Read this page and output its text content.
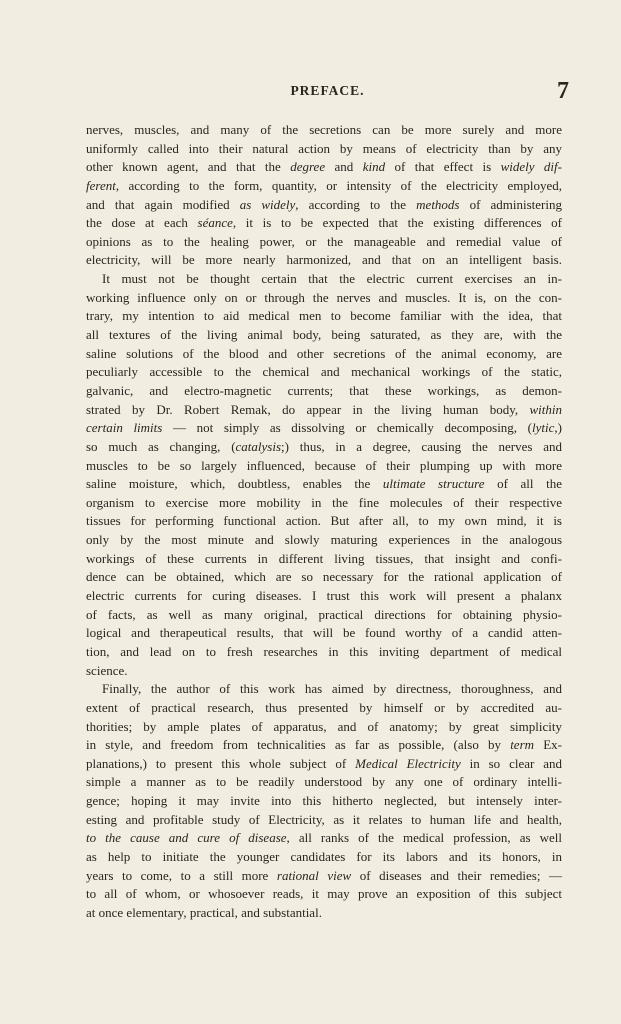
PREFACE.	7
nerves, muscles, and many of the secretions can be more surely and more
uniformly called into their natural action by means of electricity than by any
other known agent, and that the degree and kind of that effect is widely dif-
ferent, according to the form, quantity, or intensity of the electricity employed,
and that again modified as widely, according to the methods of administering
the dose at each séance, it is to be expected that the existing differences of
opinions as to the healing power, or the manageable and remedial value of
electricity, will be more nearly harmonized, and that on an intelligent basis.
It must not be thought certain that the electric current exercises an in-
working influence only on or through the nerves and muscles. It is, on the con-
trary, my intention to aid medical men to become familiar with the idea, that
all textures of the living animal body, being saturated, as they are, with the
saline solutions of the blood and other secretions of the animal economy, are
peculiarly accessible to the chemical and mechanical workings of the static,
galvanic, and electro-magnetic currents; that these workings, as demon-
strated by Dr. Robert Remak, do appear in the living human body, within
certain limits — not simply as dissolving or chemically decomposing, (lytic,)
so much as changing, (catalysis;) thus, in a degree, causing the nerves and
muscles to be so largely influenced, because of their plumping up with more
saline moisture, which, doubtless, enables the ultimate structure of all the
organism to exercise more mobility in the fine molecules of their respective
tissues for performing functional action. But after all, to my own mind, it is
only by the most minute and slowly maturing experiences in the analogous
workings of these currents in different living tissues, that insight and confi-
dence can be obtained, which are so necessary for the rational application of
electric currents for curing diseases. I trust this work will present a phalanx
of facts, as well as many original, practical directions for obtaining physio-
logical and therapeutical results, that will be found worthy of a candid atten-
tion, and lead on to fresh researches in this inviting department of medical
science.
Finally, the author of this work has aimed by directness, thoroughness, and
extent of practical research, thus presented by himself or by accredited au-
thorities; by ample plates of apparatus, and of anatomy; by great simplicity
in style, and freedom from technicalities as far as possible, (also by term Ex-
planations,) to present this whole subject of Medical Electricity in so clear and
simple a manner as to be readily understood by any one of ordinary intelli-
gence; hoping it may invite into this hitherto neglected, but intensely inter-
esting and profitable study of Electricity, as it relates to human life and health,
to the cause and cure of disease, all ranks of the medical profession, as well
as help to initiate the younger candidates for its labors and its honors, in
years to come, to a still more rational view of diseases and their remedies; —
to all of whom, or whosoever reads, it may prove an exposition of this subject
at once elementary, practical, and substantial.
